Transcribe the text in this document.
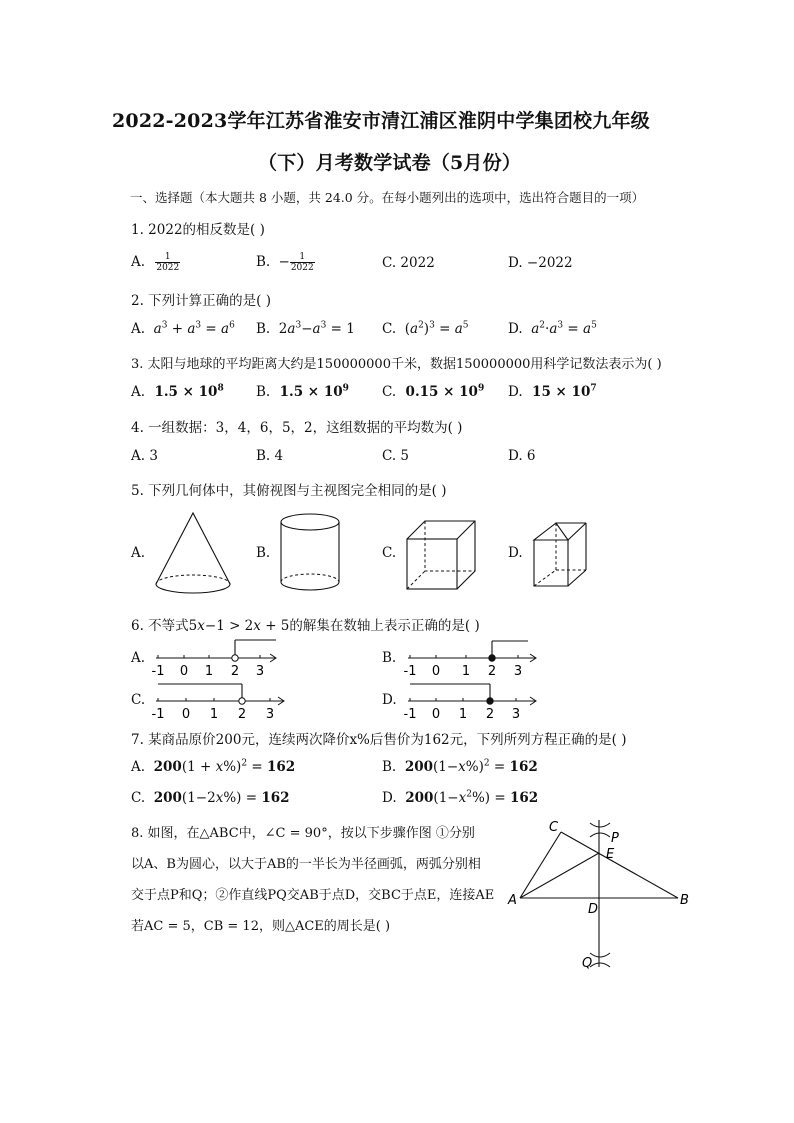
2022-2023学年江苏省淮安市清江浦区淮阴中学集团校九年级
（下）月考数学试卷（5月份）
一、选择题（本大题共 8 小题，共 24.0 分。在每小题列出的选项中，选出符合题目的一项）
1. 2022的相反数是( )
A. $\frac{1}{2022}$	B. − $\frac{1}{2022}$	C. 2022	D. −2022
2. 下列计算正确的是( )
A. $a^3 + a^3 = a^6$ B.  $2a^3-a^3 = 1$ C.  $(a^2)^3 = a^5$	D. $a^2\cdot a^3 = a^5$
3. 太阳与地球的平均距离大约是150000000千米，数据150000000用科学记数法表示为( )
A. $1.5 \times 10^8$ B. $1.5 \times 10^9$ C. $0.15 \times 10^9$ D. $15 \times 10^7$
4. 一组数据：3，4，6，5，2，这组数据的平均数为( )
A. 3	B. 4	C. 5	D. 6
5. 下列几何体中，其俯视图与主视图完全相同的是( )
A.	B.	C.	D.
6. 不等式5x−1 > 2x + 5的解集在数轴上表示正确的是( )
A.	B.
C.	D.
-1 0 1 2 3	-1 0 1 2 3
-1 0 1 2 3	-1 0 1 2 3
7. 某商品原价200元，连续两次降价x%后售价为162元，下列所列方程正确的是( )
A. $200(1 + x\%)^2 = 162$	B. $200(1-x\%)^2 = 162$
C. 200(1−2x%) = 162	D. $200(1-x^2\%) = 162$
8. 如图，在△ABC中，∠C = 90°，按以下步骤作图 ①分别
以A、B为圆心，以大于AB的一半长为半径画弧，两弧分别相
交于点P和Q；②作直线PQ交AB于点D，交BC于点E，连接AE
若AC = 5，CB = 12，则△ACE的周长是( )
C
P
E
A
D
B
Q
